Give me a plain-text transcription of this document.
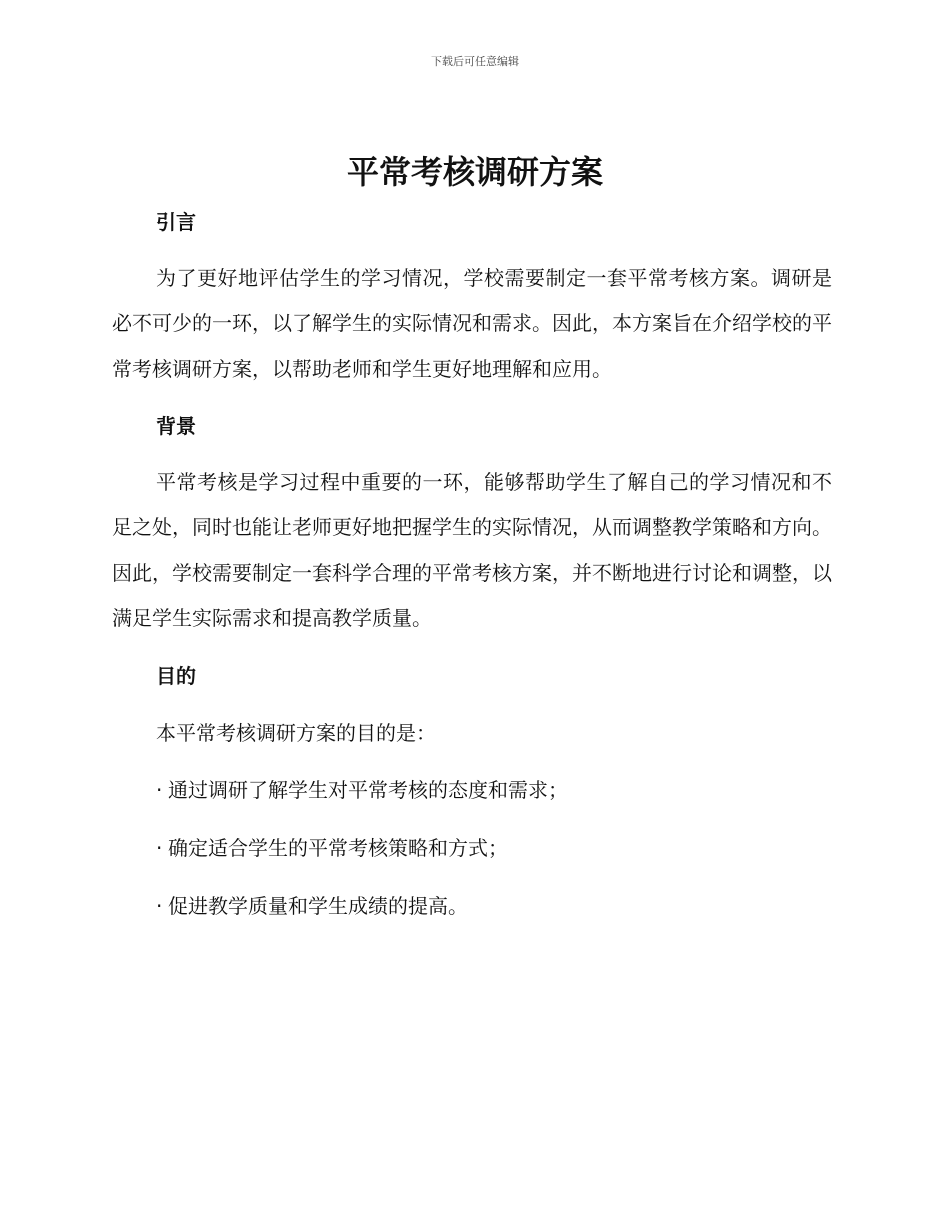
下载后可任意编辑
平常考核调研方案
引言

为了更好地评估学生的学习情况，学校需要制定一套平常考核方案。调研是必不可少的一环，以了解学生的实际情况和需求。因此，本方案旨在介绍学校的平常考核调研方案，以帮助老师和学生更好地理解和应用。

背景

平常考核是学习过程中重要的一环，能够帮助学生了解自己的学习情况和不足之处，同时也能让老师更好地把握学生的实际情况，从而调整教学策略和方向。因此，学校需要制定一套科学合理的平常考核方案，并不断地进行讨论和调整，以满足学生实际需求和提高教学质量。

目的

本平常考核调研方案的目的是：

· 通过调研了解学生对平常考核的态度和需求；
· 确定适合学生的平常考核策略和方式；
· 促进教学质量和学生成绩的提高。
